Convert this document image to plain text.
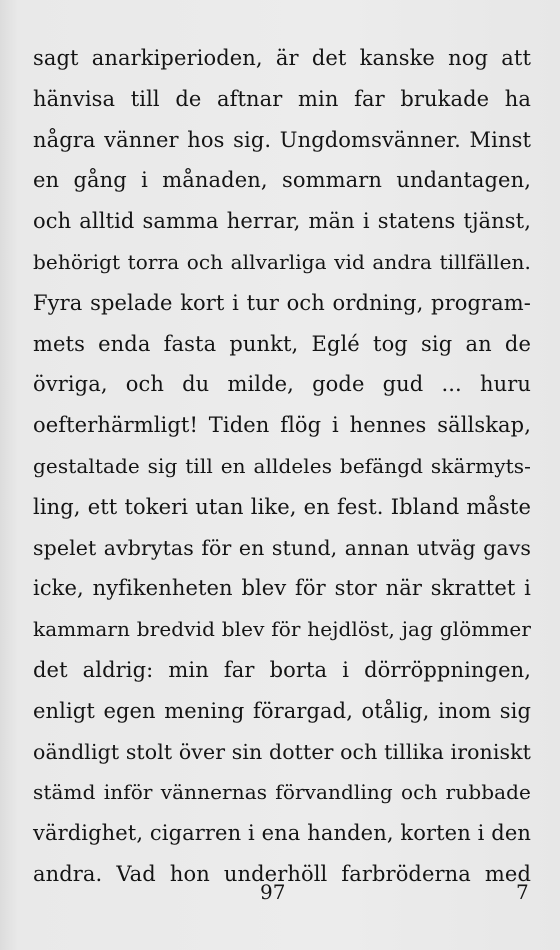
sagt anarkiperioden, är det kanske nog att
hänvisa till de aftnar min far brukade ha
några vänner hos sig. Ungdomsvänner. Minst
en gång i månaden, sommarn undantagen,
och alltid samma herrar, män i statens tjänst,
behörigt torra och allvarliga vid andra tillfällen.
Fyra spelade kort i tur och ordning, program-
mets enda fasta punkt, Eglé tog sig an de
övriga, och du milde, gode gud ... huru
oefterhärmligt! Tiden flög i hennes sällskap,
gestaltade sig till en alldeles befängd skärmyts-
ling, ett tokeri utan like, en fest. Ibland måste
spelet avbrytas för en stund, annan utväg gavs
icke, nyfikenheten blev för stor när skrattet i
kammarn bredvid blev för hejdlöst, jag glömmer
det aldrig: min far borta i dörröppningen,
enligt egen mening förargad, otålig, inom sig
oändligt stolt över sin dotter och tillika ironiskt
stämd inför vännernas förvandling och rubbade
värdighet, cigarren i ena handen, korten i den
andra. Vad hon underhöll farbröderna med
97	7
